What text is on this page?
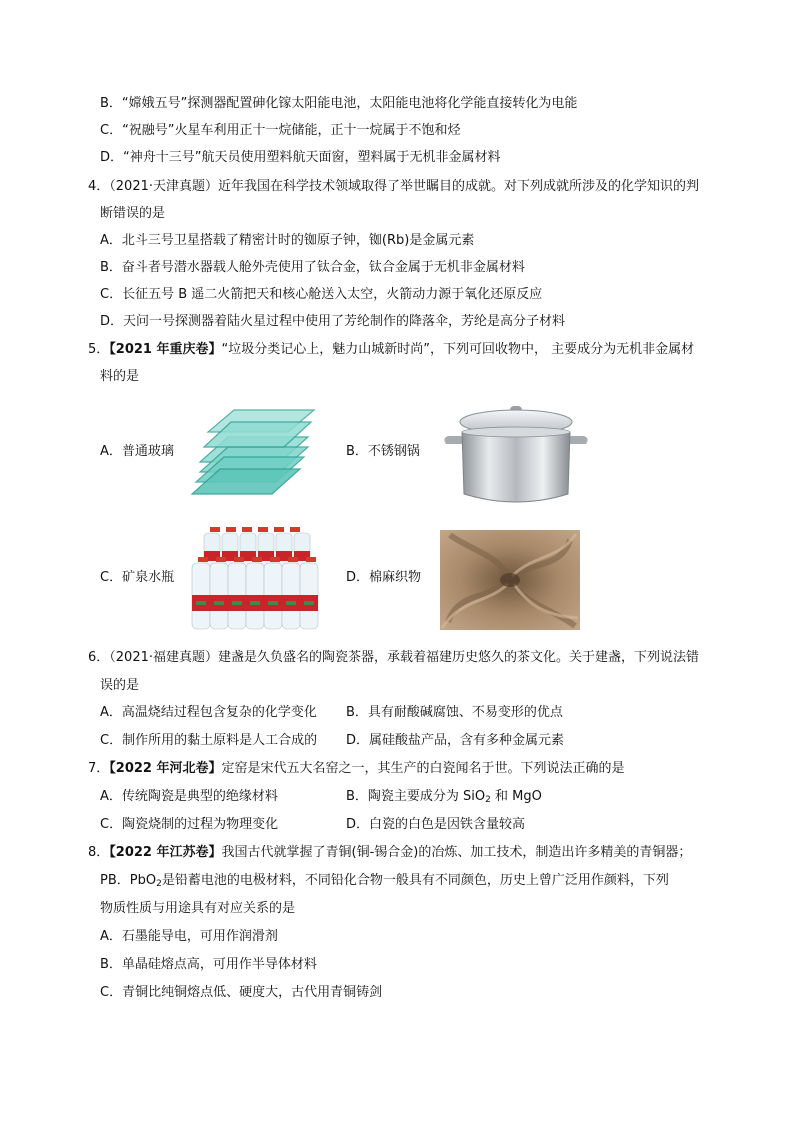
B．“嫦娥五号”探测器配置砷化镓太阳能电池，太阳能电池将化学能直接转化为电能
C．“祝融号”火星车利用正十一烷储能，正十一烷属于不饱和烃
D．“神舟十三号”航天员使用塑料航天面窗，塑料属于无机非金属材料
4．（2021·天津真题）近年我国在科学技术领域取得了举世瞩目的成就。对下列成就所涉及的化学知识的判
断错误的是
A．北斗三号卫星搭载了精密计时的铷原子钟，铷(Rb)是金属元素
B．奋斗者号潜水器载人舱外壳使用了钛合金，钛合金属于无机非金属材料
C．长征五号 B 遥二火箭把天和核心舱送入太空，火箭动力源于氧化还原反应
D．天问一号探测器着陆火星过程中使用了芳纶制作的降落伞，芳纶是高分子材料
5．【2021 年重庆卷】“垃圾分类记心上，魅力山城新时尚”，下列可回收物中， 主要成分为无机非金属材
料的是
A．普通玻璃	B．不锈钢锅
C．矿泉水瓶	D．棉麻织物
6．（2021·福建真题）建盏是久负盛名的陶瓷茶器，承载着福建历史悠久的茶文化。关于建盏，下列说法错
误的是
A．高温烧结过程包含复杂的化学变化 B．具有耐酸碱腐蚀、不易变形的优点
C．制作所用的黏土原料是人工合成的 D．属硅酸盐产品，含有多种金属元素
7．【2022 年河北卷】定窑是宋代五大名窑之一，其生产的白瓷闻名于世。下列说法正确的是
A．传统陶瓷是典型的绝缘材料	B．陶瓷主要成分为 SiO$_2$ 和 MgO
C．陶瓷烧制的过程为物理变化	D．白瓷的白色是因铁含量较高
8．【2022 年江苏卷】我国古代就掌握了青铜(铜-锡合金)的冶炼、加工技术，制造出许多精美的青铜器；
PB．PbO$_2$是铅蓄电池的电极材料，不同铅化合物一般具有不同颜色，历史上曾广泛用作颜料，下列
物质性质与用途具有对应关系的是
A．石墨能导电，可用作润滑剂
B．单晶硅熔点高，可用作半导体材料
C．青铜比纯铜熔点低、硬度大，古代用青铜铸剑
